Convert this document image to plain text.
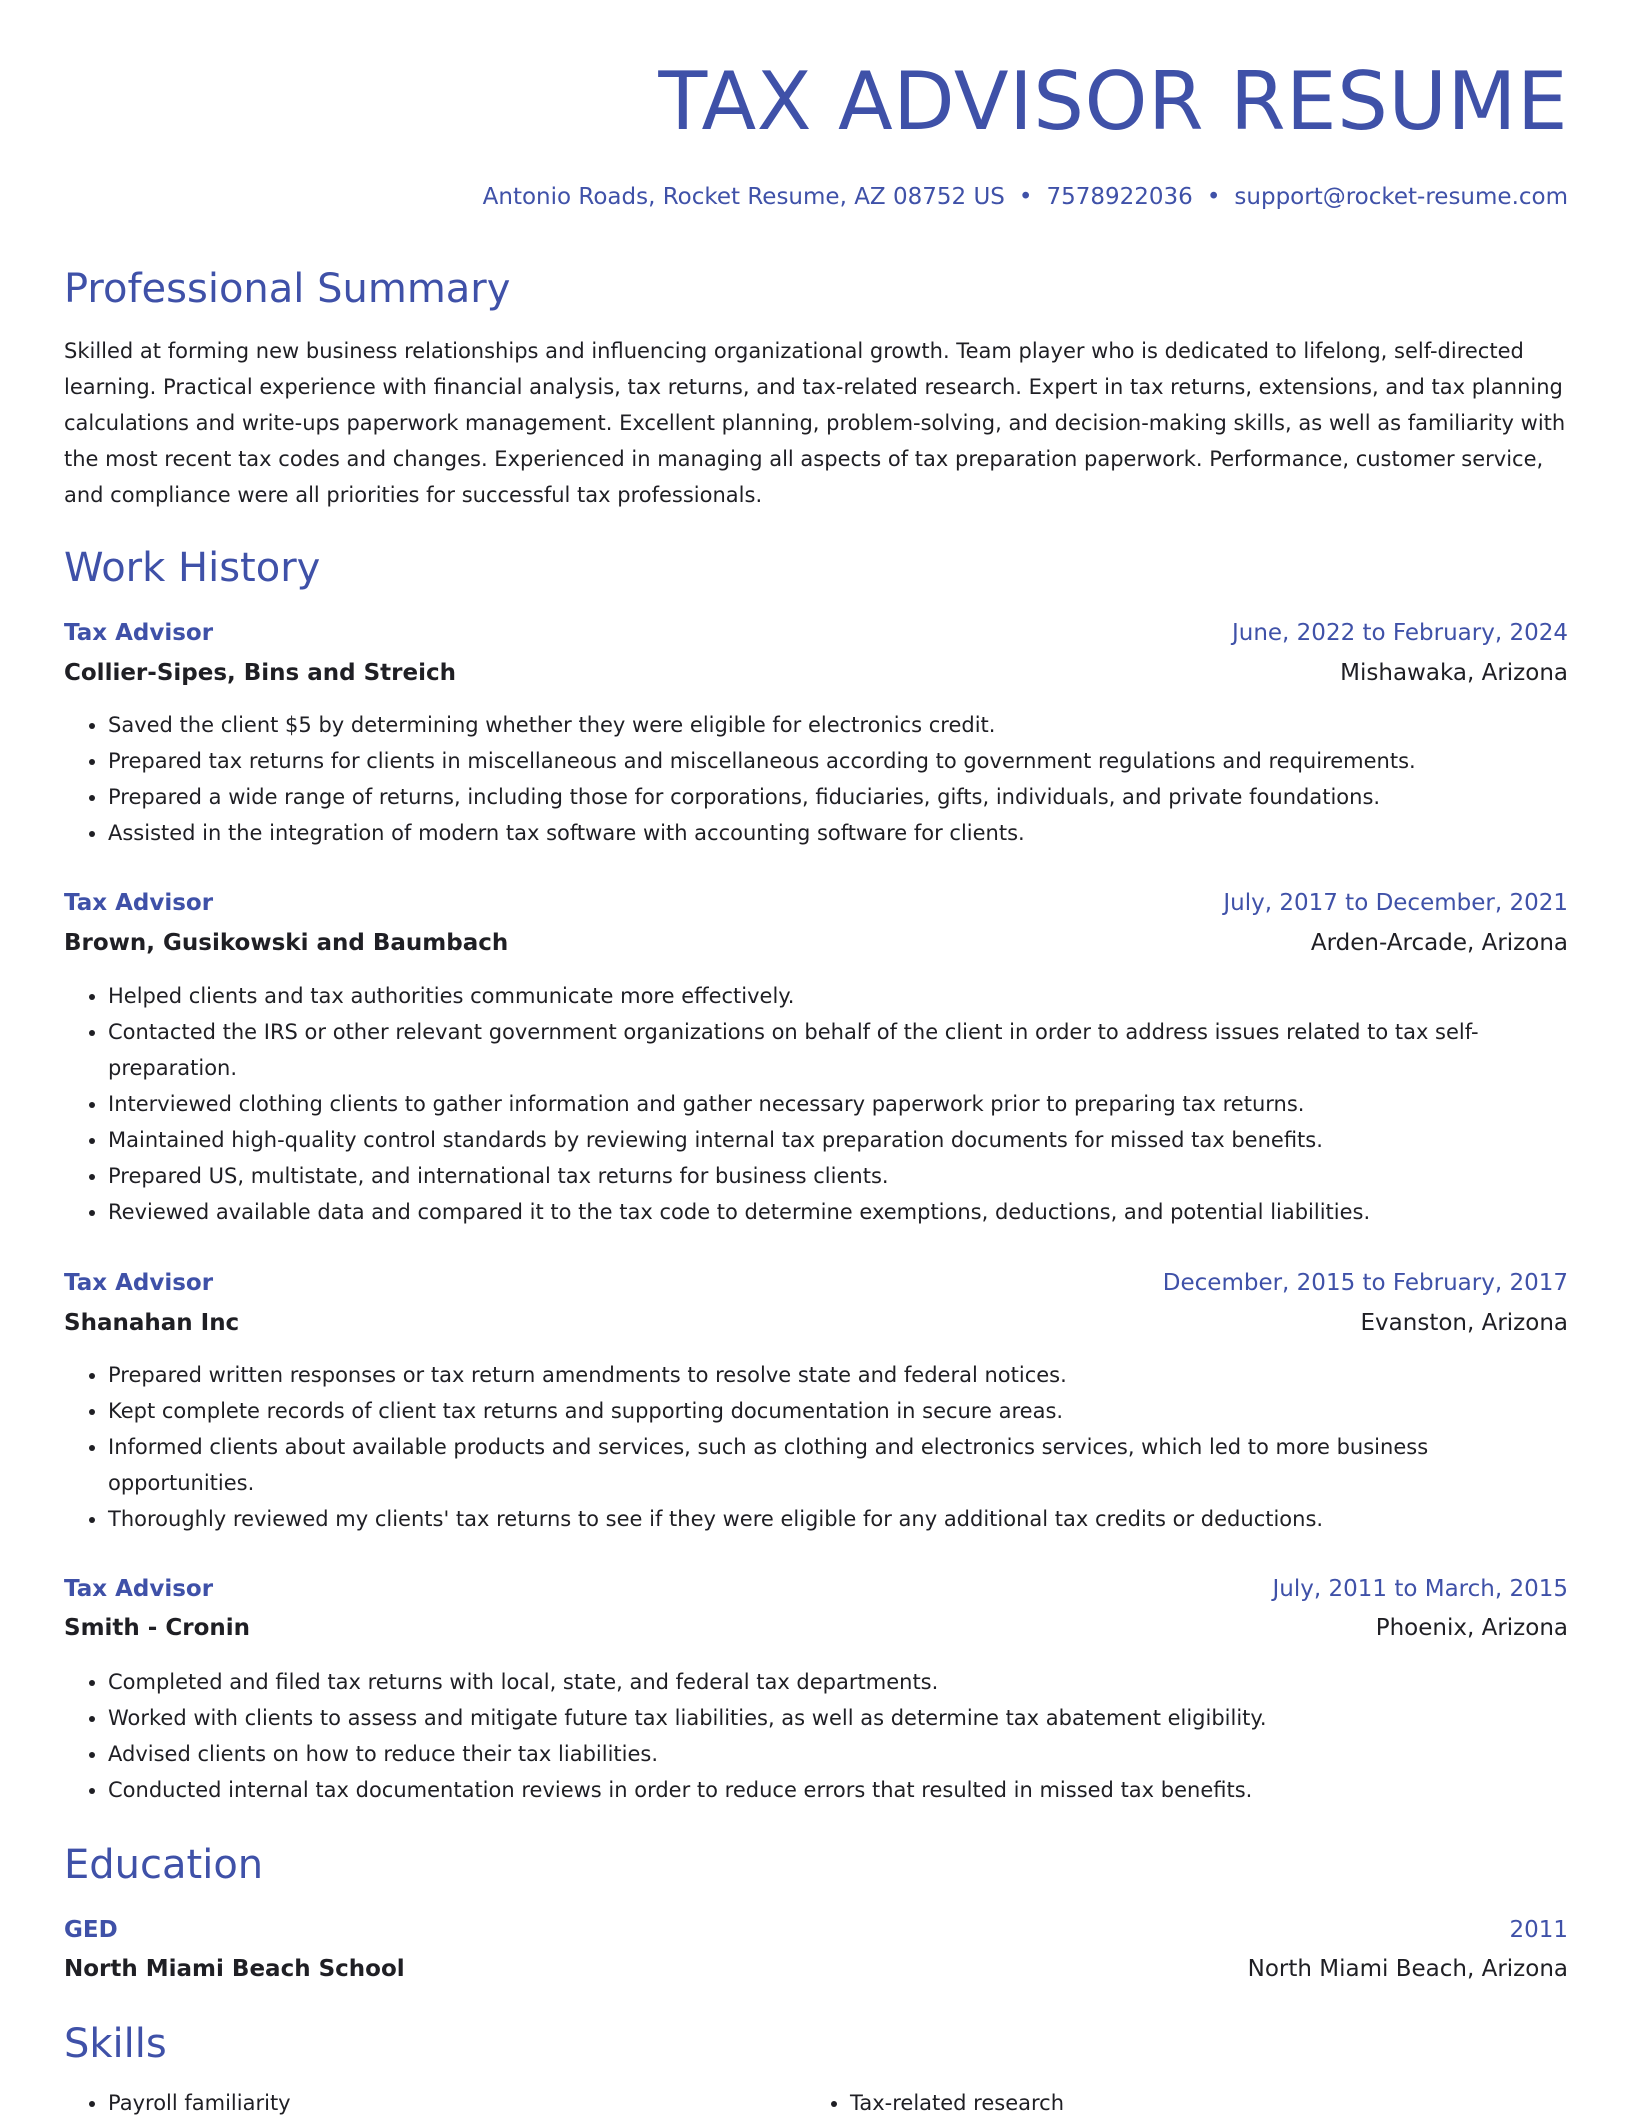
TAX ADVISOR RESUME
Antonio Roads, Rocket Resume, AZ 08752 US • 7578922036 • support@rocket-resume.com
Professional Summary
Skilled at forming new business relationships and influencing organizational growth. Team player who is dedicated to lifelong, self-directed learning. Practical experience with financial analysis, tax returns, and tax-related research. Expert in tax returns, extensions, and tax planning calculations and write-ups paperwork management. Excellent planning, problem-solving, and decision-making skills, as well as familiarity with the most recent tax codes and changes. Experienced in managing all aspects of tax preparation paperwork. Performance, customer service, and compliance were all priorities for successful tax professionals.
Work History
Tax Advisor	June, 2022 to February, 2024
Collier-Sipes, Bins and Streich	Mishawaka, Arizona
• Saved the client $5 by determining whether they were eligible for electronics credit.
• Prepared tax returns for clients in miscellaneous and miscellaneous according to government regulations and requirements.
• Prepared a wide range of returns, including those for corporations, fiduciaries, gifts, individuals, and private foundations.
• Assisted in the integration of modern tax software with accounting software for clients.
Tax Advisor	July, 2017 to December, 2021
Brown, Gusikowski and Baumbach	Arden-Arcade, Arizona
• Helped clients and tax authorities communicate more effectively.
• Contacted the IRS or other relevant government organizations on behalf of the client in order to address issues related to tax self-preparation.
• Interviewed clothing clients to gather information and gather necessary paperwork prior to preparing tax returns.
• Maintained high-quality control standards by reviewing internal tax preparation documents for missed tax benefits.
• Prepared US, multistate, and international tax returns for business clients.
• Reviewed available data and compared it to the tax code to determine exemptions, deductions, and potential liabilities.
Tax Advisor	December, 2015 to February, 2017
Shanahan Inc	Evanston, Arizona
• Prepared written responses or tax return amendments to resolve state and federal notices.
• Kept complete records of client tax returns and supporting documentation in secure areas.
• Informed clients about available products and services, such as clothing and electronics services, which led to more business opportunities.
• Thoroughly reviewed my clients' tax returns to see if they were eligible for any additional tax credits or deductions.
Tax Advisor	July, 2011 to March, 2015
Smith - Cronin	Phoenix, Arizona
• Completed and filed tax returns with local, state, and federal tax departments.
• Worked with clients to assess and mitigate future tax liabilities, as well as determine tax abatement eligibility.
• Advised clients on how to reduce their tax liabilities.
• Conducted internal tax documentation reviews in order to reduce errors that resulted in missed tax benefits.
Education
GED	2011
North Miami Beach School	North Miami Beach, Arizona
Skills
• Payroll familiarity
•	Tax-related research
